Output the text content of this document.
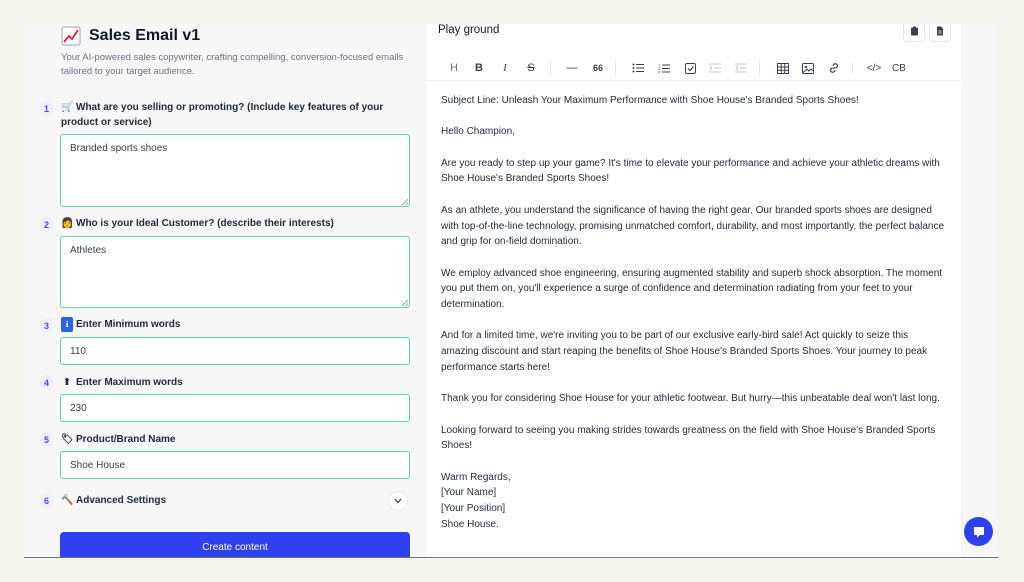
Sales Email v1
Your AI-powered sales copywriter, crafting compelling, conversion-focused emails tailored to your target audience.
1	🛒 What are you selling or promoting? (Include key features of your product or service)
Branded sports shoes
2	👩 Who is your Ideal Customer? (describe their interests)
Athletes
3	ℹ Enter Minimum words
110
4	⬆ Enter Maximum words
230
5	🏷 Product/Brand Name
Shoe House
6	🔨 Advanced Settings
Create content
Play ground
H	B	I	S	—	66	1
2
3	</>	CB

Subject Line: Unleash Your Maximum Performance with Shoe House's Branded Sports Shoes!

Hello Champion,

Are you ready to step up your game? It's time to elevate your performance and achieve your athletic dreams with Shoe House's Branded Sports Shoes!

As an athlete, you understand the significance of having the right gear. Our branded sports shoes are designed with top-of-the-line technology, promising unmatched comfort, durability, and most importantly, the perfect balance and grip for on-field domination.

We employ advanced shoe engineering, ensuring augmented stability and superb shock absorption. The moment you put them on, you'll experience a surge of confidence and determination radiating from your feet to your determination.

And for a limited time, we're inviting you to be part of our exclusive early-bird sale! Act quickly to seize this amazing discount and start reaping the benefits of Shoe House's Branded Sports Shoes. Your journey to peak performance starts here!

Thank you for considering Shoe House for your athletic footwear. But hurry—this unbeatable deal won't last long.

Looking forward to seeing you making strides towards greatness on the field with Shoe House's Branded Sports Shoes!

Warm Regards,

[Your Name]

[Your Position]

Shoe House.
